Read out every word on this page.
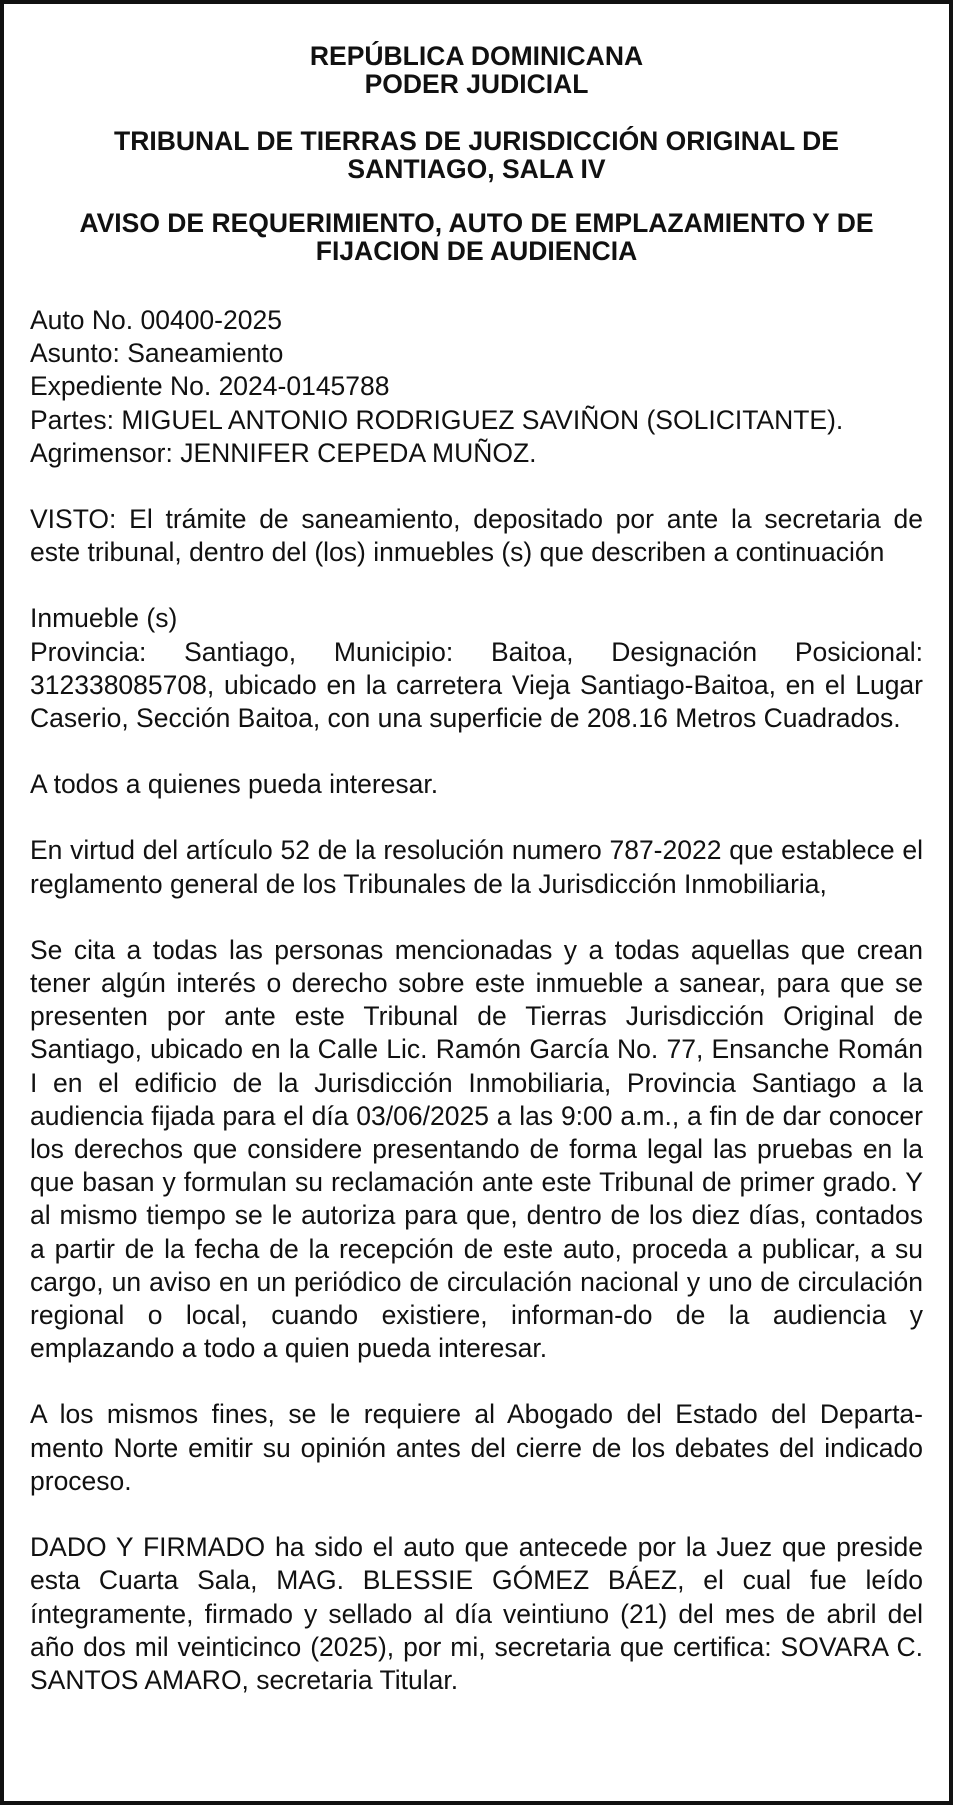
REPÚBLICA DOMINICANA
PODER JUDICIAL
TRIBUNAL DE TIERRAS DE JURISDICCIÓN ORIGINAL DE
SANTIAGO, SALA IV
AVISO DE REQUERIMIENTO, AUTO DE EMPLAZAMIENTO Y DE
FIJACION DE AUDIENCIA
Auto No. 00400-2025
Asunto: Saneamiento
Expediente No. 2024-0145788
Partes: MIGUEL ANTONIO RODRIGUEZ SAVIÑON (SOLICITANTE).
Agrimensor: JENNIFER CEPEDA MUÑOZ.

VISTO: El trámite de saneamiento, depositado por ante la secretaria de este tribunal, dentro del (los) inmuebles (s) que describen a continuación

Inmueble (s)

Provincia: Santiago, Municipio: Baitoa, Designación Posicional: 312338085708, ubicado en la carretera Vieja Santiago-Baitoa, en el Lugar Caserio, Sección Baitoa, con una superficie de 208.16 Metros Cuadrados.

A todos a quienes pueda interesar.

En virtud del artículo 52 de la resolución numero 787-2022 que establece el reglamento general de los Tribunales de la Jurisdicción Inmobiliaria,

Se cita a todas las personas mencionadas y a todas aquellas que crean tener algún interés o derecho sobre este inmueble a sanear, para que se presenten por ante este Tribunal de Tierras Jurisdicción Original de Santiago, ubicado en la Calle Lic. Ramón García No. 77, Ensanche Román I en el edificio de la Jurisdicción Inmobiliaria, Provincia Santiago a la audiencia fijada para el día 03/06/2025 a las 9:00 a.m., a fin de dar conocer los derechos que considere presentando de forma legal las pruebas en la que basan y formulan su reclamación ante este Tribunal de primer grado. Y al mismo tiempo se le autoriza para que, dentro de los diez días, contados a partir de la fecha de la recepción de este auto, proceda a publicar, a su cargo, un aviso en un periódico de circulación nacional y uno de circulación regional o local, cuando existiere, informan-do de la audiencia y emplazando a todo a quien pueda interesar.

A los mismos fines, se le requiere al Abogado del Estado del Departa-mento Norte emitir su opinión antes del cierre de los debates del indicado proceso.

DADO Y FIRMADO ha sido el auto que antecede por la Juez que preside esta Cuarta Sala, MAG. BLESSIE GÓMEZ BÁEZ, el cual fue leído íntegramente, firmado y sellado al día veintiuno (21) del mes de abril del año dos mil veinticinco (2025), por mi, secretaria que certifica: SOVARA C. SANTOS AMARO, secretaria Titular.
